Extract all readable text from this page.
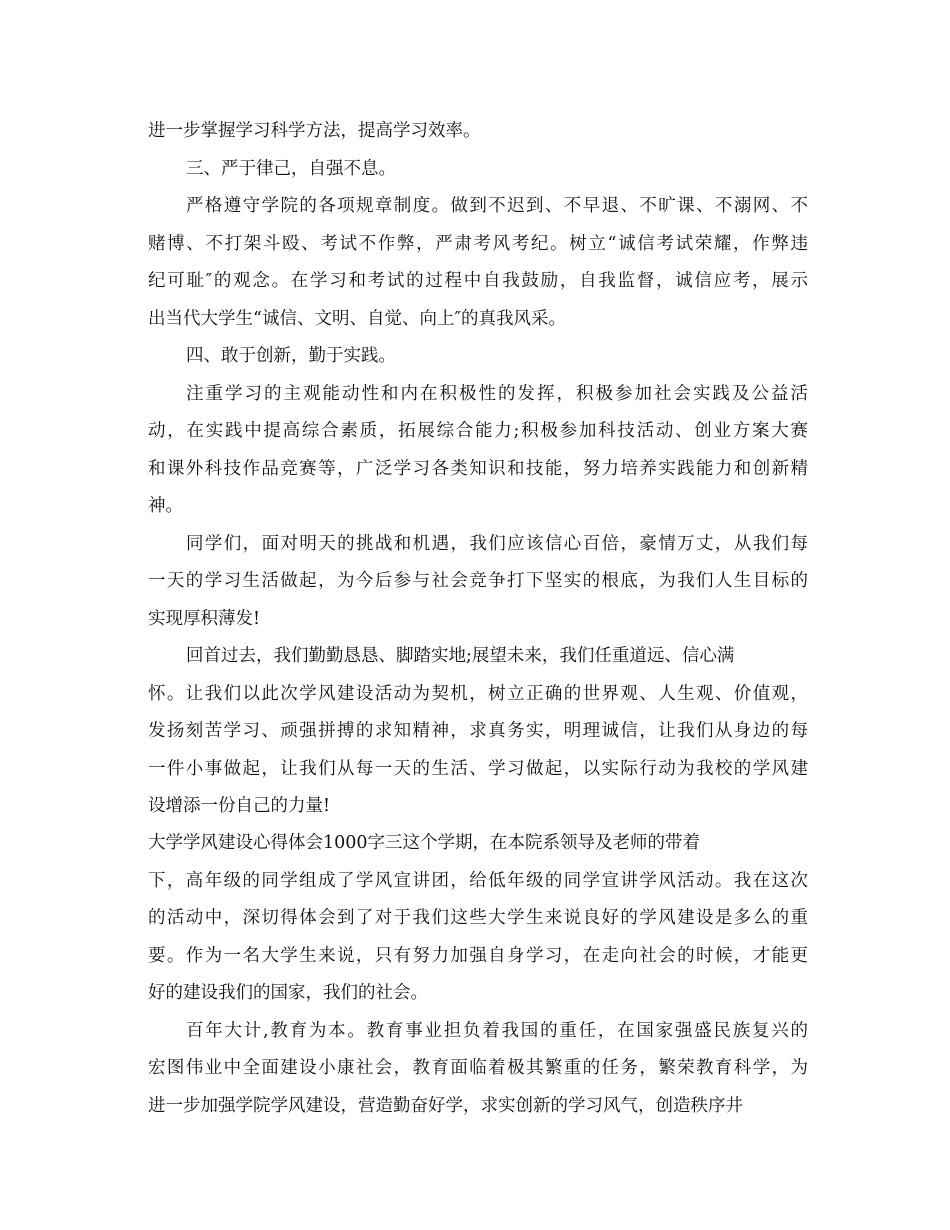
进一步掌握学习科学方法，提高学习效率。
三、严于律己，自强不息。
严格遵守学院的各项规章制度。做到不迟到、不早退、不旷课、不溺网、不
赌博、不打架斗殴、考试不作弊，严肃考风考纪。树立“诚信考试荣耀，作弊违
纪可耻″的观念。在学习和考试的过程中自我鼓励，自我监督，诚信应考，展示
出当代大学生“诚信、文明、自觉、向上″的真我风采。
四、敢于创新，勤于实践。
注重学习的主观能动性和内在积极性的发挥，积极参加社会实践及公益活
动，在实践中提高综合素质，拓展综合能力;积极参加科技活动、创业方案大赛
和课外科技作品竞赛等，广泛学习各类知识和技能，努力培养实践能力和创新精
神。
同学们，面对明天的挑战和机遇，我们应该信心百倍，豪情万丈，从我们每
一天的学习生活做起，为今后参与社会竞争打下坚实的根底，为我们人生目标的
实现厚积薄发!
回首过去，我们勤勤恳恳、脚踏实地;展望未来，我们任重道远、信心满
怀。让我们以此次学风建设活动为契机，树立正确的世界观、人生观、价值观，
发扬刻苦学习、顽强拼搏的求知精神，求真务实，明理诚信，让我们从身边的每
一件小事做起，让我们从每一天的生活、学习做起，以实际行动为我校的学风建
设增添一份自己的力量!
大学学风建设心得体会1000字三这个学期，在本院系领导及老师的带着
下，高年级的同学组成了学风宣讲团，给低年级的同学宣讲学风活动。我在这次
的活动中，深切得体会到了对于我们这些大学生来说良好的学风建设是多么的重
要。作为一名大学生来说，只有努力加强自身学习，在走向社会的时候，才能更
好的建设我们的国家，我们的社会。
百年大计,教育为本。教育事业担负着我国的重任，在国家强盛民族复兴的
宏图伟业中全面建设小康社会，教育面临着极其繁重的任务，繁荣教育科学，为
进一步加强学院学风建设，营造勤奋好学，求实创新的学习风气，创造秩序井
